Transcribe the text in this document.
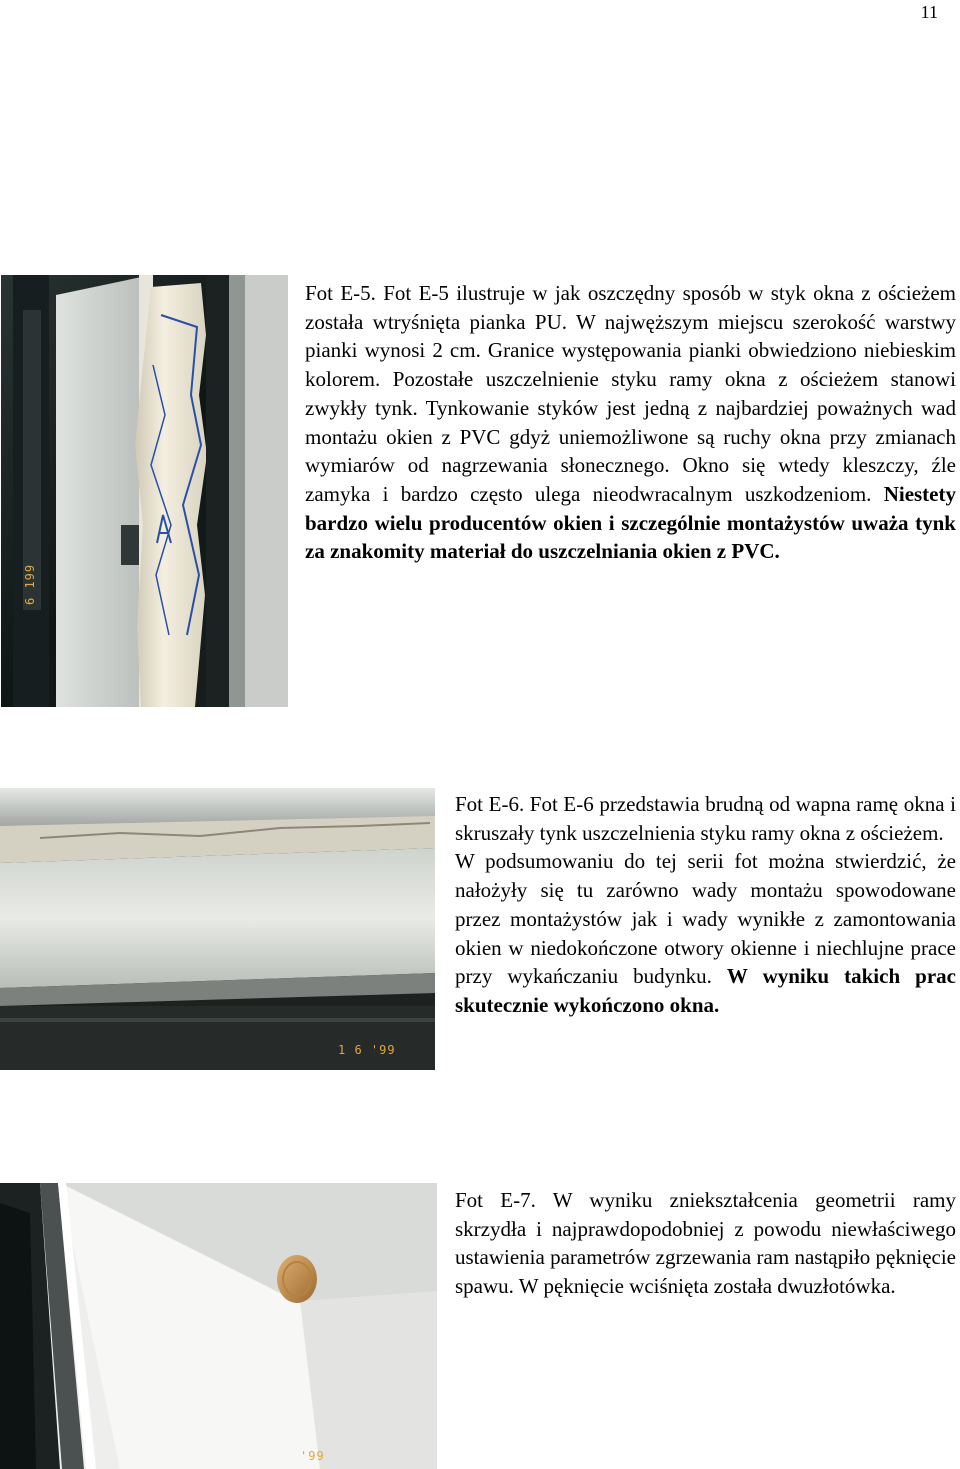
11
6 199

Fot E-5. Fot E-5 ilustruje w jak oszczędny sposób w styk okna z ościeżem została wtryśnięta pianka PU. W najwęższym miejscu szerokość warstwy pianki wynosi 2 cm. Granice występowania pianki obwiedziono niebieskim kolorem. Pozostałe uszczelnienie styku ramy okna z ościeżem stanowi zwykły tynk. Tynkowanie styków jest jedną z najbardziej poważnych wad montażu okien z PVC gdyż uniemożliwone są ruchy okna przy zmianach wymiarów od nagrzewania słonecznego. Okno się wtedy kleszczy, źle zamyka i bardzo często ulega nieodwracalnym uszkodzeniom. Niestety bardzo wielu producentów okien i szczególnie montażystów uważa tynk za znakomity materiał do uszczelniania okien z PVC.

1 6 '99

Fot E-6. Fot E-6 przedstawia brudną od wapna ramę okna i skruszały tynk uszczelnienia styku ramy okna z ościeżem.

W podsumowaniu do tej serii fot można stwierdzić, że nałożyły się tu zarówno wady montażu spowodowane przez montażystów jak i wady wynikłe z zamontowania okien w niedokończone otwory okienne i niechlujne prace przy wykańczaniu budynku. W wyniku takich prac skutecznie wykończono okna.

'99

Fot E-7. W wyniku zniekształcenia geometrii ramy skrzydła i najprawdopodobniej z powodu niewłaściwego ustawienia parametrów zgrzewania ram nastąpiło pęknięcie spawu. W pęknięcie wciśnięta została dwuzłotówka.
